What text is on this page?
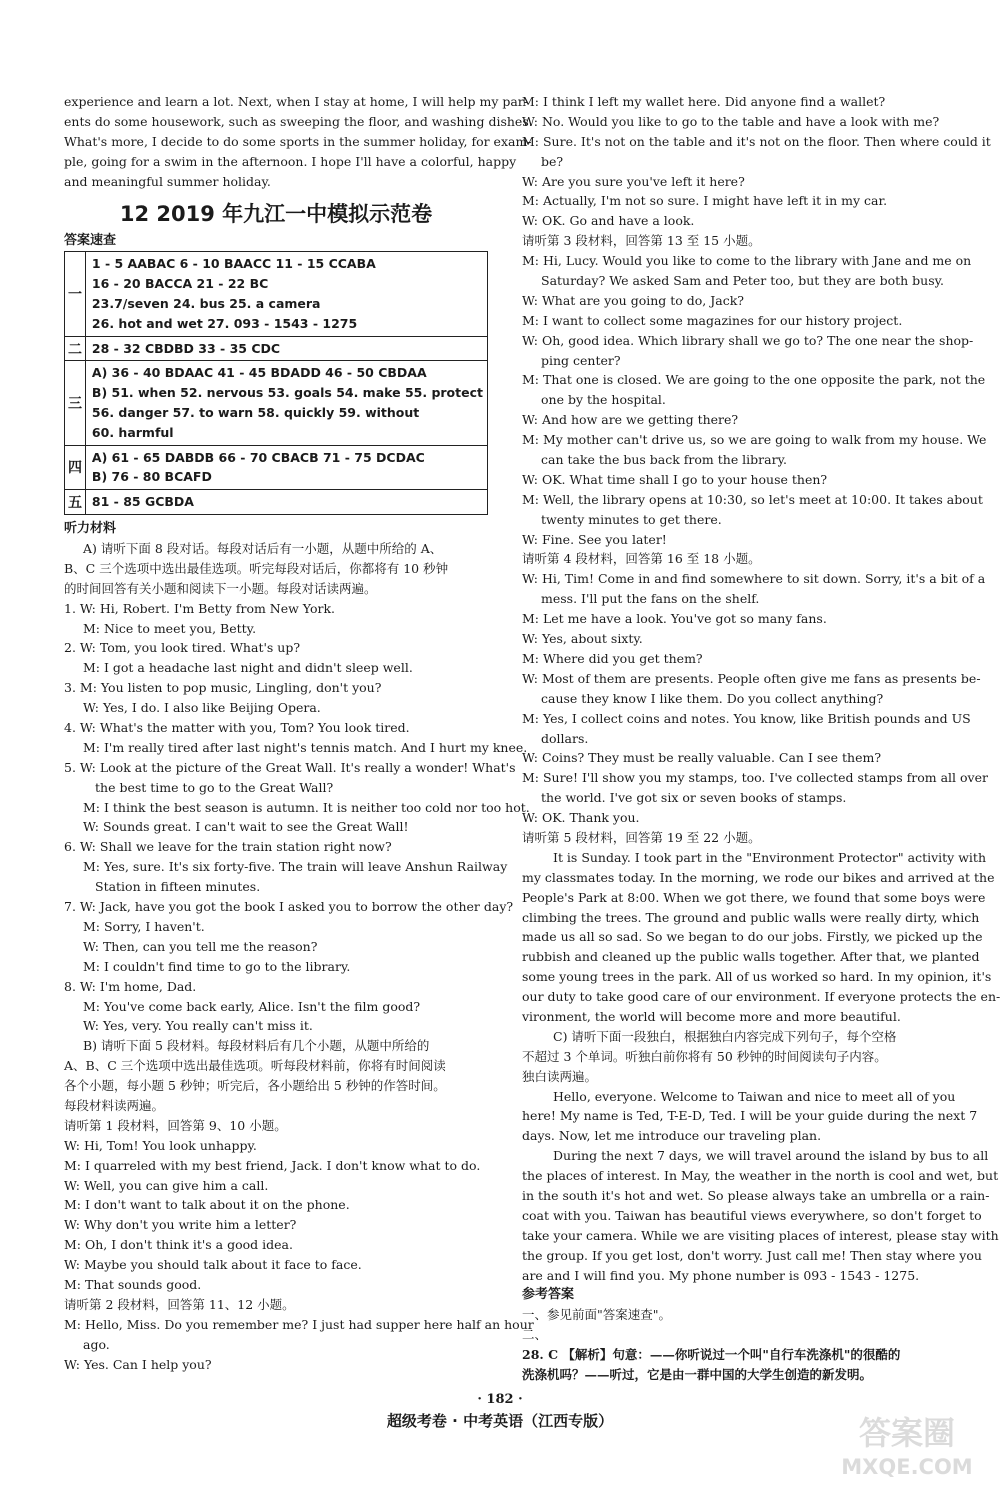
experience and learn a lot. Next, when I stay at home, I will help my par-
ents do some housework, such as sweeping the floor, and washing dishes.
What's more, I decide to do some sports in the summer holiday, for exam-
ple, going for a swim in the afternoon. I hope I'll have a colorful, happy
and meaningful summer holiday.
12 2019 年九江一中模拟示范卷
答案速查
一	1 - 5 AABAC 6 - 10 BAACC 11 - 15 CCABA
16 - 20 BACCA 21 - 22 BC
23.7/seven 24. bus 25. a camera
26. hot and wet 27. 093 - 1543 - 1275

二	28 - 32 CBDBD 33 - 35 CDC

三	A) 36 - 40 BDAAC 41 - 45 BDADD 46 - 50 CBDAA
B) 51. when 52. nervous 53. goals 54. make 55. protect
56. danger 57. to warn 58. quickly 59. without
60. harmful

四	A) 61 - 65 DABDB 66 - 70 CBACB 71 - 75 DCDAC
B) 76 - 80 BCAFD

五	81 - 85 GCBDA
听力材料
A) 请听下面 8 段对话。每段对话后有一小题，从题中所给的 A、
B、C 三个选项中选出最佳选项。听完每段对话后，你都将有 10 秒钟
的时间回答有关小题和阅读下一小题。每段对话读两遍。
1. W: Hi, Robert. I'm Betty from New York.
M: Nice to meet you, Betty.
2. W: Tom, you look tired. What's up?
M: I got a headache last night and didn't sleep well.
3. M: You listen to pop music, Lingling, don't you?
W: Yes, I do. I also like Beijing Opera.
4. W: What's the matter with you, Tom? You look tired.
M: I'm really tired after last night's tennis match. And I hurt my knee.
5. W: Look at the picture of the Great Wall. It's really a wonder! What's
the best time to go to the Great Wall?
M: I think the best season is autumn. It is neither too cold nor too hot.
W: Sounds great. I can't wait to see the Great Wall!
6. W: Shall we leave for the train station right now?
M: Yes, sure. It's six forty-five. The train will leave Anshun Railway
Station in fifteen minutes.
7. W: Jack, have you got the book I asked you to borrow the other day?
M: Sorry, I haven't.
W: Then, can you tell me the reason?
M: I couldn't find time to go to the library.
8. W: I'm home, Dad.
M: You've come back early, Alice. Isn't the film good?
W: Yes, very. You really can't miss it.
B) 请听下面 5 段材料。每段材料后有几个小题，从题中所给的
A、B、C 三个选项中选出最佳选项。听每段材料前，你将有时间阅读
各个小题，每小题 5 秒钟；听完后，各小题给出 5 秒钟的作答时间。
每段材料读两遍。
请听第 1 段材料，回答第 9、10 小题。
W: Hi, Tom! You look unhappy.
M: I quarreled with my best friend, Jack. I don't know what to do.
W: Well, you can give him a call.
M: I don't want to talk about it on the phone.
W: Why don't you write him a letter?
M: Oh, I don't think it's a good idea.
W: Maybe you should talk about it face to face.
M: That sounds good.
请听第 2 段材料，回答第 11、12 小题。
M: Hello, Miss. Do you remember me? I just had supper here half an hour
ago.
W: Yes. Can I help you?
M: I think I left my wallet here. Did anyone find a wallet?
W: No. Would you like to go to the table and have a look with me?
M: Sure. It's not on the table and it's not on the floor. Then where could it
be?
W: Are you sure you've left it here?
M: Actually, I'm not so sure. I might have left it in my car.
W: OK. Go and have a look.
请听第 3 段材料，回答第 13 至 15 小题。
M: Hi, Lucy. Would you like to come to the library with Jane and me on
Saturday? We asked Sam and Peter too, but they are both busy.
W: What are you going to do, Jack?
M: I want to collect some magazines for our history project.
W: Oh, good idea. Which library shall we go to? The one near the shop-
ping center?
M: That one is closed. We are going to the one opposite the park, not the
one by the hospital.
W: And how are we getting there?
M: My mother can't drive us, so we are going to walk from my house. We
can take the bus back from the library.
W: OK. What time shall I go to your house then?
M: Well, the library opens at 10:30, so let's meet at 10:00. It takes about
twenty minutes to get there.
W: Fine. See you later!
请听第 4 段材料，回答第 16 至 18 小题。
W: Hi, Tim! Come in and find somewhere to sit down. Sorry, it's a bit of a
mess. I'll put the fans on the shelf.
M: Let me have a look. You've got so many fans.
W: Yes, about sixty.
M: Where did you get them?
W: Most of them are presents. People often give me fans as presents be-
cause they know I like them. Do you collect anything?
M: Yes, I collect coins and notes. You know, like British pounds and US
dollars.
W: Coins? They must be really valuable. Can I see them?
M: Sure! I'll show you my stamps, too. I've collected stamps from all over
the world. I've got six or seven books of stamps.
W: OK. Thank you.
请听第 5 段材料，回答第 19 至 22 小题。
It is Sunday. I took part in the "Environment Protector" activity with
my classmates today. In the morning, we rode our bikes and arrived at the
People's Park at 8:00. When we got there, we found that some boys were
climbing the trees. The ground and public walls were really dirty, which
made us all so sad. So we began to do our jobs. Firstly, we picked up the
rubbish and cleaned up the public walls together. After that, we planted
some young trees in the park. All of us worked so hard. In my opinion, it's
our duty to take good care of our environment. If everyone protects the en-
vironment, the world will become more and more beautiful.
C) 请听下面一段独白，根据独白内容完成下列句子，每个空格
不超过 3 个单词。听独白前你将有 50 秒钟的时间阅读句子内容。
独白读两遍。
Hello, everyone. Welcome to Taiwan and nice to meet all of you
here! My name is Ted, T-E-D, Ted. I will be your guide during the next 7
days. Now, let me introduce our traveling plan.
During the next 7 days, we will travel around the island by bus to all
the places of interest. In May, the weather in the north is cool and wet, but
in the south it's hot and wet. So please always take an umbrella or a rain-
coat with you. Taiwan has beautiful views everywhere, so don't forget to
take your camera. While we are visiting places of interest, please stay with
the group. If you get lost, don't worry. Just call me! Then stay where you
are and I will find you. My phone number is 093 - 1543 - 1275.
参考答案
一、参见前面"答案速查"。
二、
28. C 【解析】句意：——你听说过一个叫"自行车洗涤机"的很酷的
洗涤机吗？——听过，它是由一群中国的大学生创造的新发明。
· 182 ·
超级考卷 · 中考英语（江西专版）	答案圈
MXQE.COM
